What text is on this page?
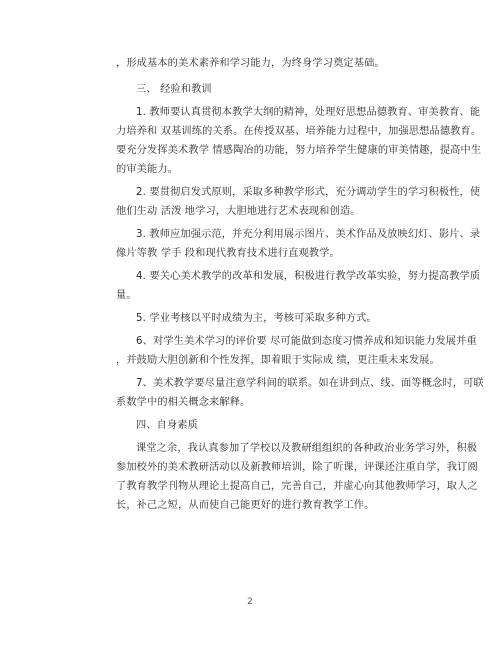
，形成基本的美术素养和学习能力，为终身学习奠定基础。
三、 经验和教训
1. 教师要认真贯彻本教学大纲的精神，处理好思想品德教育、审美教育、能
力培养和 双基训练的关系。在传授双基、培养能力过程中，加强思想品德教育。
要充分发挥美术教学 情感陶冶的功能，努力培养学生健康的审美情趣，提高中生
的审美能力。
2. 要贯彻启发式原则，采取多种教学形式，充分调动学生的学习积极性，使
他们生动 活泼 地学习，大胆地进行艺术表现和创造。
3. 教师应加强示范，并充分利用展示图片、美术作品及放映幻灯、影片、录
像片等教 学手 段和现代教育技术进行直观教学。
4. 要关心美术教学的改革和发展，积极进行教学改革实验，努力提高教学质
量。
5. 学业考核以平时成绩为主，考核可采取多种方式。
6、对学生美术学习的评价要 尽可能做到态度习惯养成和知识能力发展并重
，并鼓励大胆创新和个性发挥，即着眼于实际成 绩，更注重未来发展。
7、美术教学要尽量注意学科间的联系。如在讲到点、线、面等概念时，可联
系数学中的相关概念来解释。
四、自身素质
课堂之余，我认真参加了学校以及教研组组织的各种政治业务学习外，积极
参加校外的美术教研活动以及新教师培训，除了听课，评课还注重自学，我订阅
了教育教学刊物从理论上提高自己，完善自己，并虚心向其他教师学习，取人之
长，补己之短，从而使自己能更好的进行教育教学工作。
2
